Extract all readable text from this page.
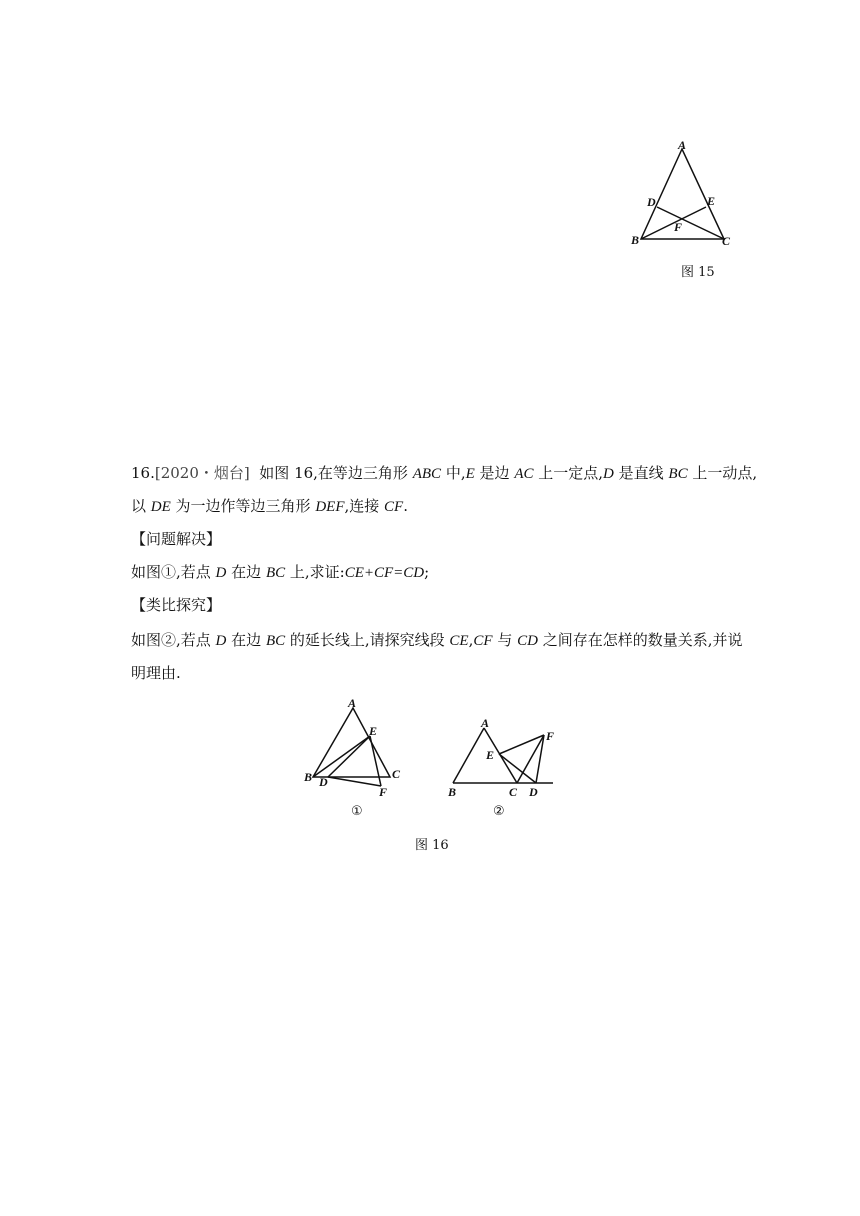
A
B	C
D	E
F
图 15
16.[2020・烟台] 如图 16,在等边三角形 ABC 中,E 是边 AC 上一定点,D 是直线 BC 上一动点,
以 DE 为一边作等边三角形 DEF,连接 CF.
【问题解决】
如图①,若点 D 在边 BC 上,求证:CE+CF=CD;
【类比探究】
如图②,若点 D 在边 BC 的延长线上,请探究线段 CE,CF 与 CD 之间存在怎样的数量关系,并说
明理由.
A
B	C
D
E
F
①
A
B	C D
E
F
②
图 16
